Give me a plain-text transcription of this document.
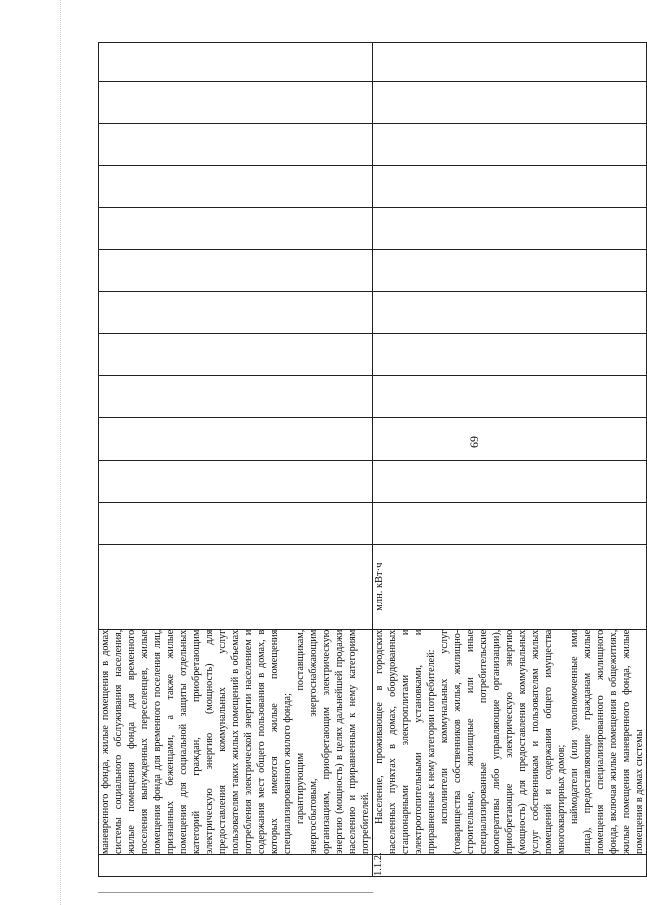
69

	маневренного фонда, жилые помещения в домах системы социального обслуживания населения, жилые помещения фонда для временного поселения вынужденных переселенцев, жилые помещения фонда для временного поселения лиц, признанных беженцами, а также жилые помещения для социальной защиты отдельных категорий граждан, приобретающим электрическую энергию (мощность) для предоставления коммунальных услуг пользователям таких жилых помещений в объемах потребления электрической энергии населением и содержания мест общего пользования в домах, в которых имеются жилые помещения специализированного жилого фонда; гарантирующим поставщикам, энергосбытовым, энергоснабжающим организациям, приобретающим электрическую энергию (мощность) в целях дальнейшей продажи населению и приравненным к нему категориям потребителей.													

1.1.2.	Население, проживающее в городских населенных пунктах в домах, оборудованных стационарными электроплитами и электроотопительными установками, и приравненные к нему категории потребителей: исполнители коммунальных услуг (товарищества собственников жилья, жилищно-строительные, жилищные или иные специализированные потребительские кооперативы либо управляющие организации), приобретающие электрическую энергию (мощность) для предоставления коммунальных услуг собственникам и пользователям жилых помещений и содержания общего имущества многоквартирных домов; наймодатели (или уполномоченные ими лица), предоставляющие гражданам жилые помещения специализированного жилищного фонда, включая жилые помещения в общежитиях, жилые помещения маневренного фонда, жилые помещения в домах системы	млн. кВт·ч												
